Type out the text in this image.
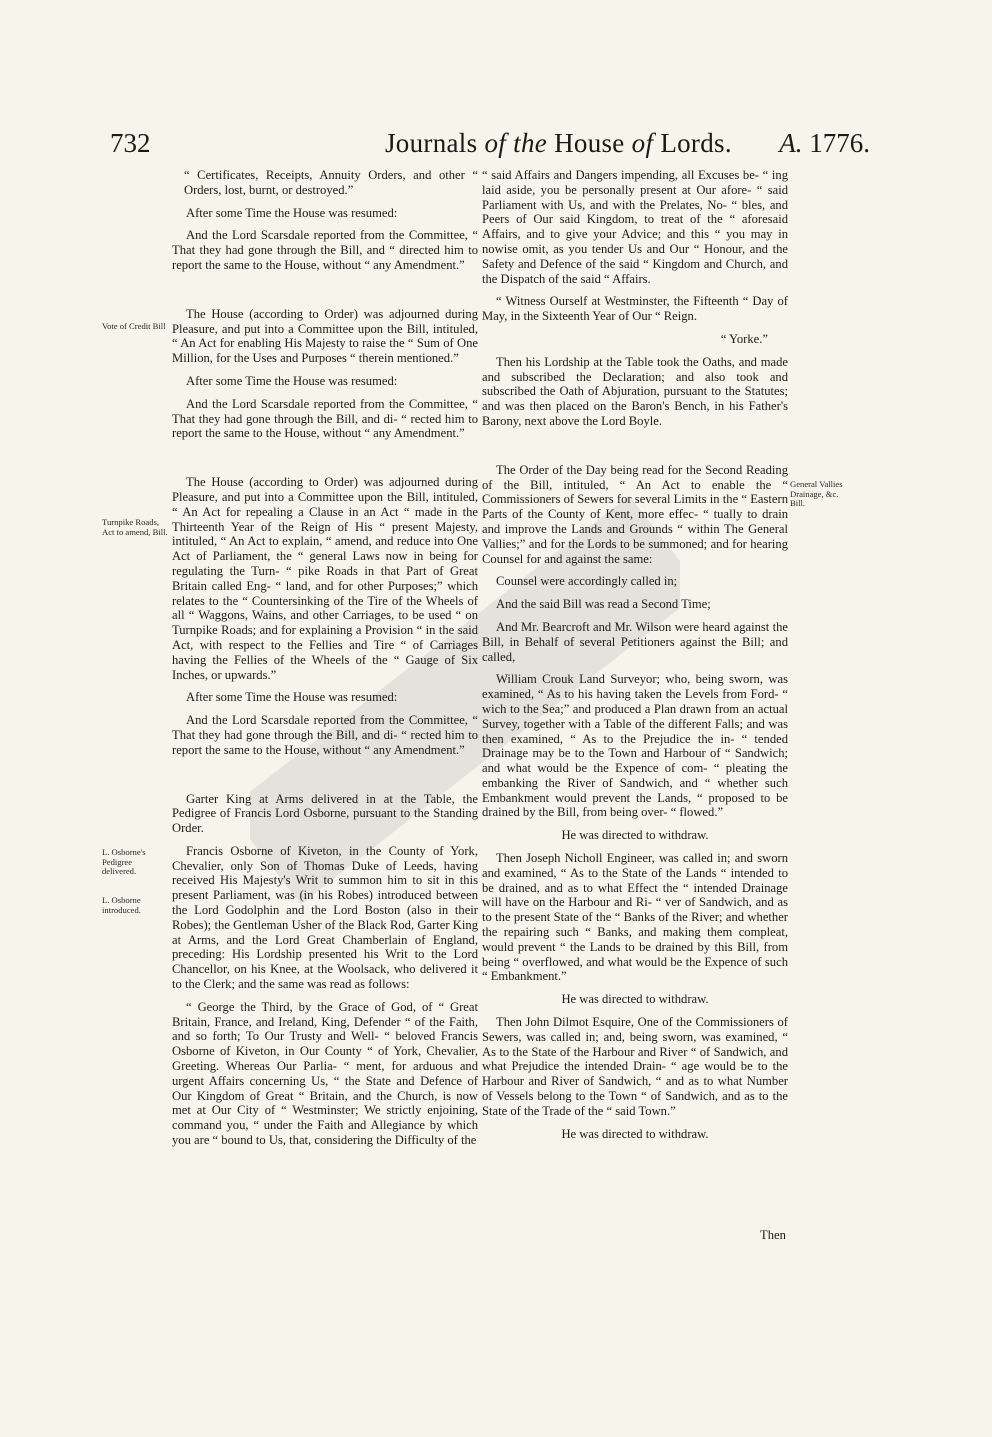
732	Journals of the House of Lords. A. 1776.
Vote of Credit Bill
Turnpike Roads, Act to amend, Bill.
L. Osborne's Pedigree delivered.
L. Osborne introduced.
General Vallies Drainage, &c. Bill.

“ Certificates, Receipts, Annuity Orders, and other “ Orders, lost, burnt, or destroyed.”

After some Time the House was resumed:

And the Lord Scarsdale reported from the Committee, “ That they had gone through the Bill, and “ directed him to report the same to the House, without “ any Amendment.”

The House (according to Order) was adjourned during Pleasure, and put into a Committee upon the Bill, intituled, “ An Act for enabling His Majesty to raise the “ Sum of One Million, for the Uses and Purposes “ therein mentioned.”

After some Time the House was resumed:

And the Lord Scarsdale reported from the Committee, “ That they had gone through the Bill, and di- “ rected him to report the same to the House, without “ any Amendment.”

The House (according to Order) was adjourned during Pleasure, and put into a Committee upon the Bill, intituled, “ An Act for repealing a Clause in an Act “ made in the Thirteenth Year of the Reign of His “ present Majesty, intituled, “ An Act to explain, “ amend, and reduce into One Act of Parliament, the “ general Laws now in being for regulating the Turn- “ pike Roads in that Part of Great Britain called Eng- “ land, and for other Purposes;” which relates to the “ Countersinking of the Tire of the Wheels of all “ Waggons, Wains, and other Carriages, to be used “ on Turnpike Roads; and for explaining a Provision “ in the said Act, with respect to the Fellies and Tire “ of Carriages having the Fellies of the Wheels of the “ Gauge of Six Inches, or upwards.”

After some Time the House was resumed:

And the Lord Scarsdale reported from the Committee, “ That they had gone through the Bill, and di- “ rected him to report the same to the House, without “ any Amendment.”

Garter King at Arms delivered in at the Table, the Pedigree of Francis Lord Osborne, pursuant to the Standing Order.

Francis Osborne of Kiveton, in the County of York, Chevalier, only Son of Thomas Duke of Leeds, having received His Majesty's Writ to summon him to sit in this present Parliament, was (in his Robes) introduced between the Lord Godolphin and the Lord Boston (also in their Robes); the Gentleman Usher of the Black Rod, Garter King at Arms, and the Lord Great Chamberlain of England, preceding: His Lordship presented his Writ to the Lord Chancellor, on his Knee, at the Woolsack, who delivered it to the Clerk; and the same was read as follows:

“ George the Third, by the Grace of God, of “ Great Britain, France, and Ireland, King, Defender “ of the Faith, and so forth; To Our Trusty and Well- “ beloved Francis Osborne of Kiveton, in Our County “ of York, Chevalier, Greeting. Whereas Our Parlia- “ ment, for arduous and urgent Affairs concerning Us, “ the State and Defence of Our Kingdom of Great “ Britain, and the Church, is now met at Our City of “ Westminster; We strictly enjoining, command you, “ under the Faith and Allegiance by which you are “ bound to Us, that, considering the Difficulty of the

“ said Affairs and Dangers impending, all Excuses be- “ ing laid aside, you be personally present at Our afore- “ said Parliament with Us, and with the Prelates, No- “ bles, and Peers of Our said Kingdom, to treat of the “ aforesaid Affairs, and to give your Advice; and this “ you may in nowise omit, as you tender Us and Our “ Honour, and the Safety and Defence of the said “ Kingdom and Church, and the Dispatch of the said “ Affairs.

“ Witness Ourself at Westminster, the Fifteenth “ Day of May, in the Sixteenth Year of Our “ Reign.

“ Yorke.”

Then his Lordship at the Table took the Oaths, and made and subscribed the Declaration; and also took and subscribed the Oath of Abjuration, pursuant to the Statutes; and was then placed on the Baron's Bench, in his Father's Barony, next above the Lord Boyle.

The Order of the Day being read for the Second Reading of the Bill, intituled, “ An Act to enable the “ Commissioners of Sewers for several Limits in the “ Eastern Parts of the County of Kent, more effec- “ tually to drain and improve the Lands and Grounds “ within The General Vallies;” and for the Lords to be summoned; and for hearing Counsel for and against the same:

Counsel were accordingly called in;

And the said Bill was read a Second Time;

And Mr. Bearcroft and Mr. Wilson were heard against the Bill, in Behalf of several Petitioners against the Bill; and called,

William Crouk Land Surveyor; who, being sworn, was examined, “ As to his having taken the Levels from Ford- “ wich to the Sea;” and produced a Plan drawn from an actual Survey, together with a Table of the different Falls; and was then examined, “ As to the Prejudice the in- “ tended Drainage may be to the Town and Harbour of “ Sandwich; and what would be the Expence of com- “ pleating the embanking the River of Sandwich, and “ whether such Embankment would prevent the Lands, “ proposed to be drained by the Bill, from being over- “ flowed.”

He was directed to withdraw.

Then Joseph Nicholl Engineer, was called in; and sworn and examined, “ As to the State of the Lands “ intended to be drained, and as to what Effect the “ intended Drainage will have on the Harbour and Ri- “ ver of Sandwich, and as to the present State of the “ Banks of the River; and whether the repairing such “ Banks, and making them compleat, would prevent “ the Lands to be drained by this Bill, from being “ overflowed, and what would be the Expence of such “ Embankment.”

He was directed to withdraw.

Then John Dilmot Esquire, One of the Commissioners of Sewers, was called in; and, being sworn, was examined, “ As to the State of the Harbour and River “ of Sandwich, and what Prejudice the intended Drain- “ age would be to the Harbour and River of Sandwich, “ and as to what Number of Vessels belong to the Town “ of Sandwich, and as to the State of the Trade of the “ said Town.”

He was directed to withdraw.

Then
